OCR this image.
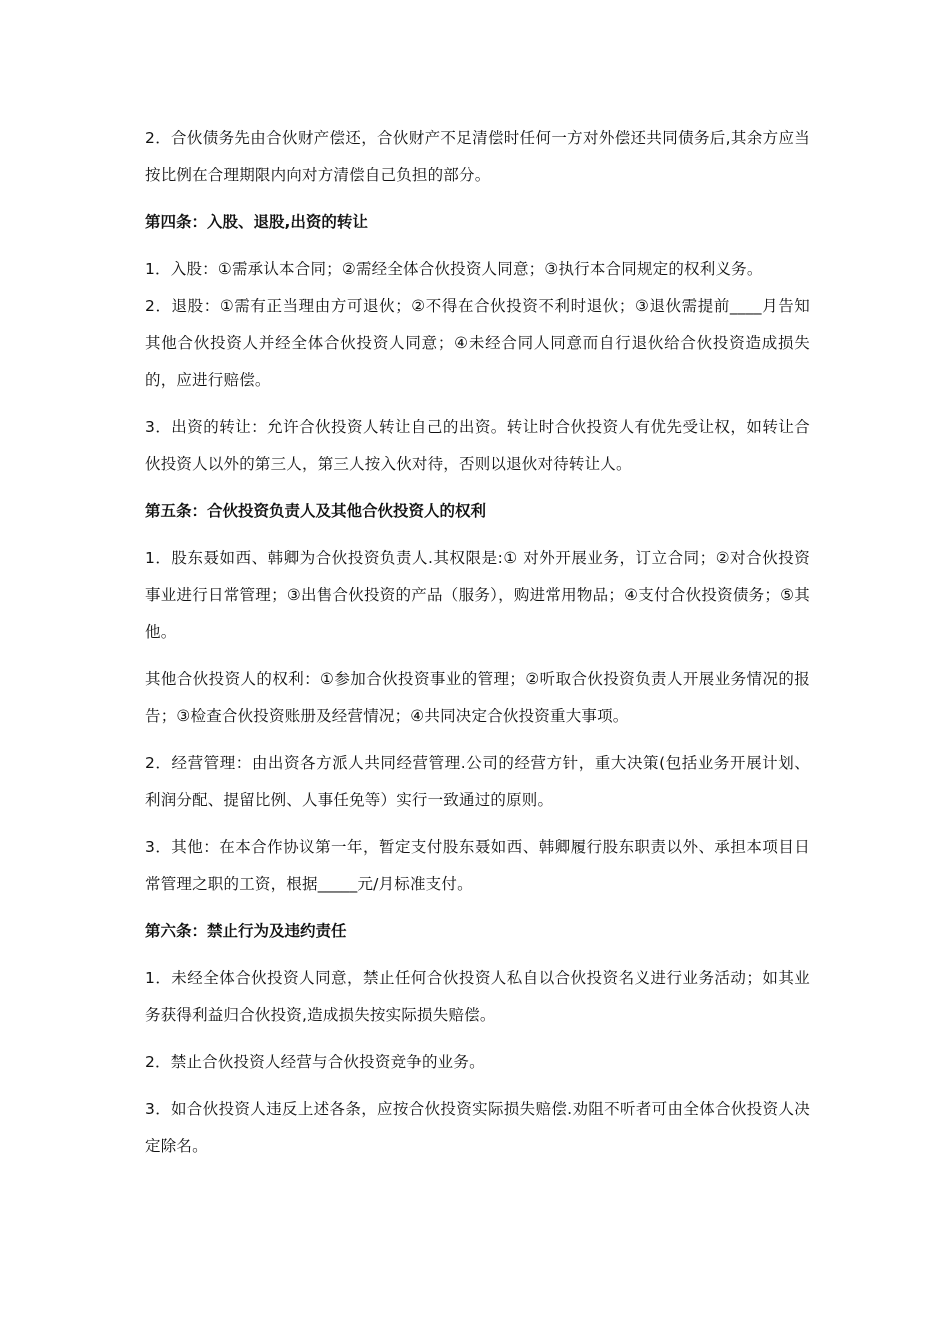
2．合伙债务先由合伙财产偿还，合伙财产不足清偿时任何一方对外偿还共同债务后,其余方应当按比例在合理期限内向对方清偿自己负担的部分。

第四条：入股、退股,出资的转让

1．入股：①需承认本合同；②需经全体合伙投资人同意；③执行本合同规定的权利义务。

2．退股：①需有正当理由方可退伙；②不得在合伙投资不利时退伙；③退伙需提前____月告知其他合伙投资人并经全体合伙投资人同意；④未经合同人同意而自行退伙给合伙投资造成损失的，应进行赔偿。

3．出资的转让：允许合伙投资人转让自己的出资。转让时合伙投资人有优先受让权，如转让合伙投资人以外的第三人，第三人按入伙对待，否则以退伙对待转让人。

第五条：合伙投资负责人及其他合伙投资人的权利

1．股东聂如西、韩卿为合伙投资负责人.其权限是:① 对外开展业务，订立合同；②对合伙投资事业进行日常管理；③出售合伙投资的产品（服务），购进常用物品；④支付合伙投资债务；⑤其他。

其他合伙投资人的权利：①参加合伙投资事业的管理；②听取合伙投资负责人开展业务情况的报告；③检查合伙投资账册及经营情况；④共同决定合伙投资重大事项。

2．经营管理：由出资各方派人共同经营管理.公司的经营方针，重大决策(包括业务开展计划、利润分配、提留比例、人事任免等）实行一致通过的原则。

3．其他：在本合作协议第一年，暂定支付股东聂如西、韩卿履行股东职责以外、承担本项目日常管理之职的工资，根据_____元/月标准支付。

第六条：禁止行为及违约责任

1．未经全体合伙投资人同意，禁止任何合伙投资人私自以合伙投资名义进行业务活动；如其业务获得利益归合伙投资,造成损失按实际损失赔偿。

2．禁止合伙投资人经营与合伙投资竞争的业务。

3．如合伙投资人违反上述各条，应按合伙投资实际损失赔偿.劝阻不听者可由全体合伙投资人决定除名。
